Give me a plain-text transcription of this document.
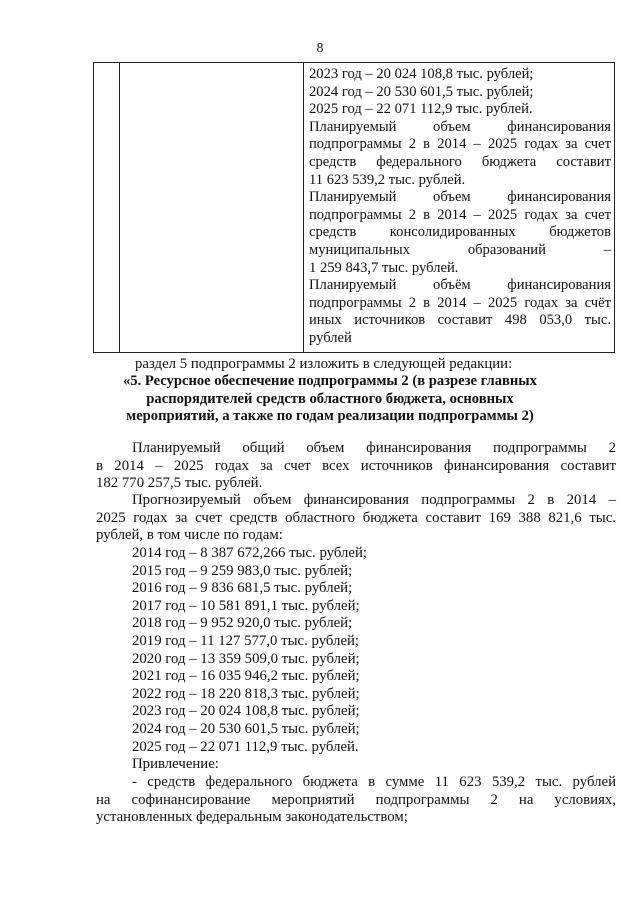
8

2023 год – 20 024 108,8 тыс. рублей;
2024 год – 20 530 601,5 тыс. рублей;
2025 год – 22 071 112,9 тыс. рублей.
Планируемый объем финансирования
подпрограммы 2 в 2014 – 2025 годах за счет
средств федерального бюджета составит
11 623 539,2 тыс. рублей.
Планируемый объем финансирования
подпрограммы 2 в 2014 – 2025 годах за счет
средств консолидированных бюджетов
муниципальных образований –
1 259 843,7 тыс. рублей.
Планируемый объём финансирования
подпрограммы 2 в 2014 – 2025 годах за счёт
иных источников составит 498 053,0 тыс.
рублей
раздел 5 подпрограммы 2 изложить в следующей редакции:
«5. Ресурсное обеспечение подпрограммы 2 (в разрезе главных
распорядителей средств областного бюджета, основных
мероприятий, а также по годам реализации подпрограммы 2)
Планируемый общий объем финансирования подпрограммы 2
в 2014 – 2025 годах за счет всех источников финансирования составит
182 770 257,5 тыс. рублей.
Прогнозируемый объем финансирования подпрограммы 2 в 2014 –
2025 годах за счет средств областного бюджета составит 169 388 821,6 тыс.
рублей, в том числе по годам:
2014 год – 8 387 672,266 тыс. рублей;
2015 год – 9 259 983,0 тыс. рублей;
2016 год – 9 836 681,5 тыс. рублей;
2017 год – 10 581 891,1 тыс. рублей;
2018 год – 9 952 920,0 тыс. рублей;
2019 год – 11 127 577,0 тыс. рублей;
2020 год – 13 359 509,0 тыс. рублей;
2021 год – 16 035 946,2 тыс. рублей;
2022 год – 18 220 818,3 тыс. рублей;
2023 год – 20 024 108,8 тыс. рублей;
2024 год – 20 530 601,5 тыс. рублей;
2025 год – 22 071 112,9 тыс. рублей.
Привлечение:
- средств федерального бюджета в сумме 11 623 539,2 тыс. рублей
на софинансирование мероприятий подпрограммы 2 на условиях,
установленных федеральным законодательством;
